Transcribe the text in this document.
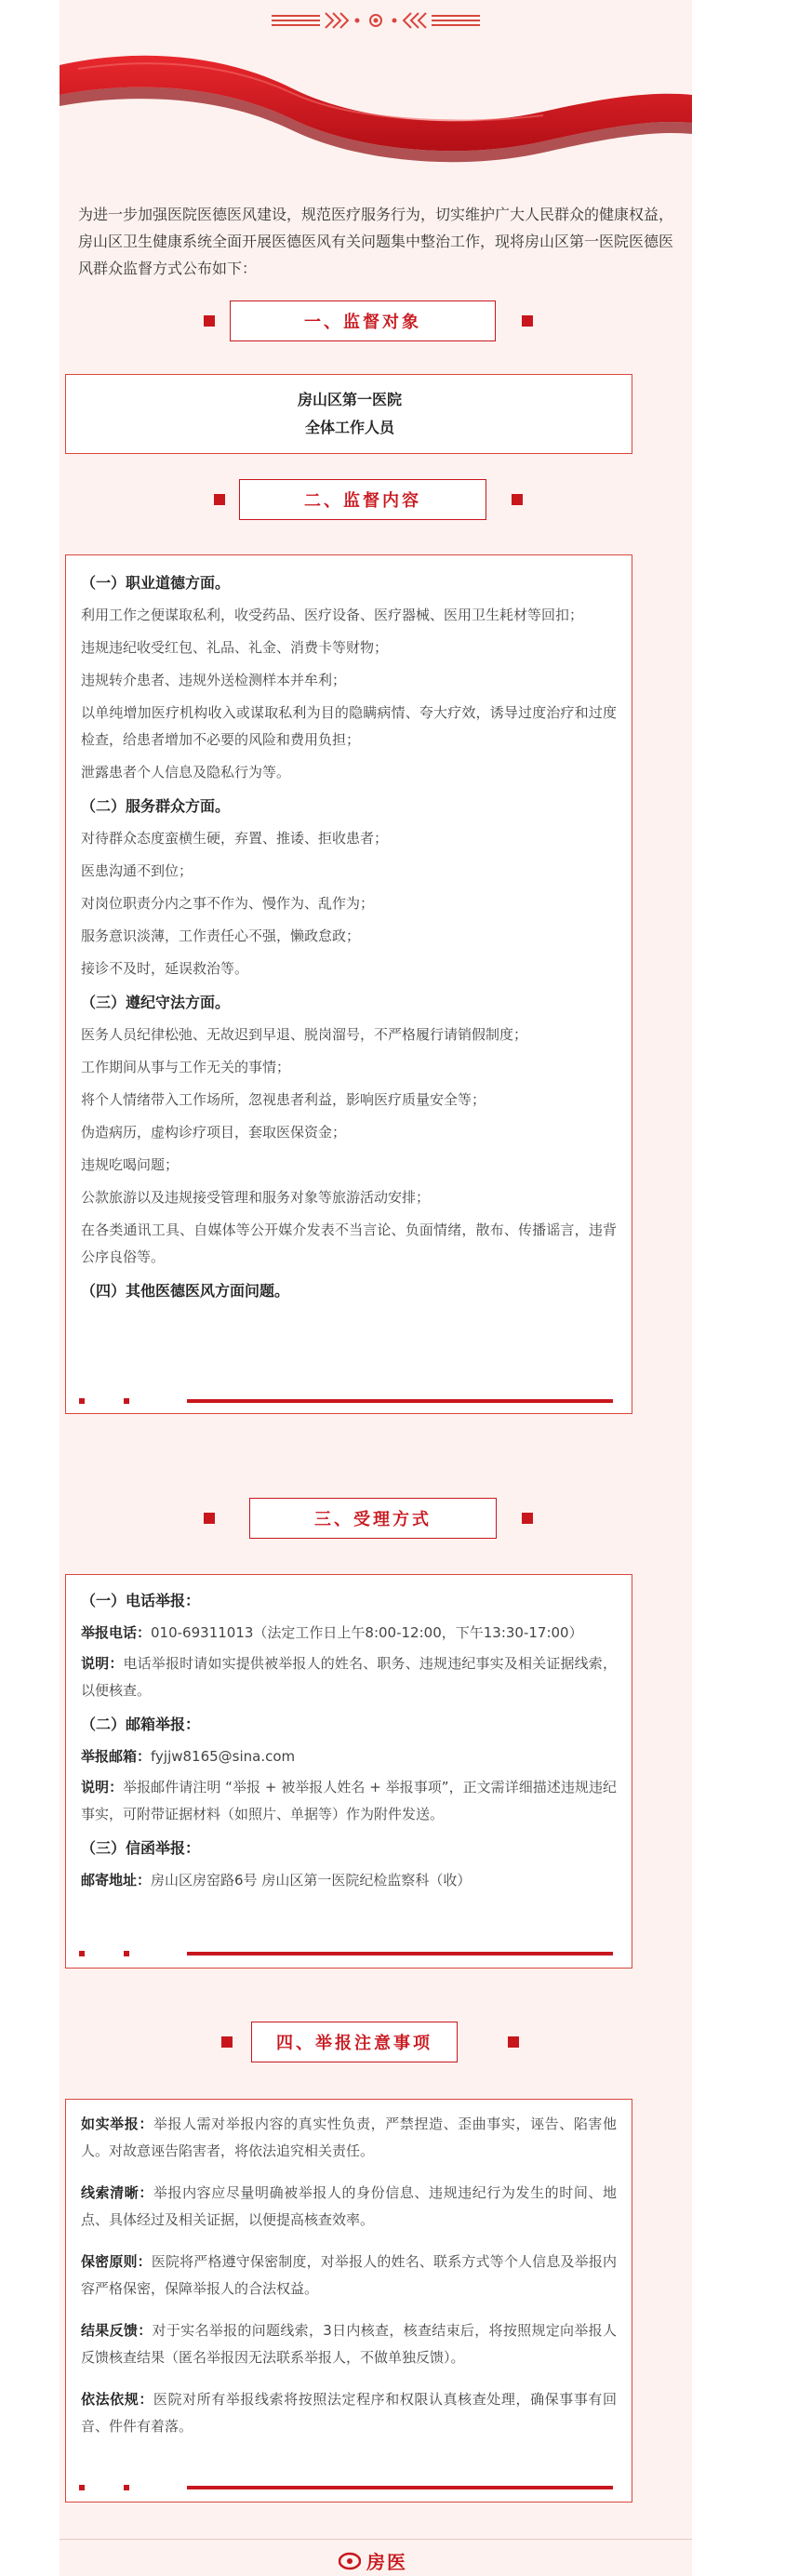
为进一步加强医院医德医风建设，规范医疗服务行为，切实维护广大人民群众的健康权益，房山区卫生健康系统全面开展医德医风有关问题集中整治工作，现将房山区第一医院医德医风群众监督方式公布如下：
一、监督对象
房山区第一医院
全体工作人员
二、监督内容
（一）职业道德方面。
利用工作之便谋取私利，收受药品、医疗设备、医疗器械、医用卫生耗材等回扣；
违规违纪收受红包、礼品、礼金、消费卡等财物；
违规转介患者、违规外送检测样本并牟利；
以单纯增加医疗机构收入或谋取私利为目的隐瞒病情、夸大疗效，诱导过度治疗和过度检查，给患者增加不必要的风险和费用负担；
泄露患者个人信息及隐私行为等。
（二）服务群众方面。
对待群众态度蛮横生硬，弃置、推诿、拒收患者；
医患沟通不到位；
对岗位职责分内之事不作为、慢作为、乱作为；
服务意识淡薄，工作责任心不强，懒政怠政；
接诊不及时，延误救治等。
（三）遵纪守法方面。
医务人员纪律松弛、无故迟到早退、脱岗溜号，不严格履行请销假制度；
工作期间从事与工作无关的事情；
将个人情绪带入工作场所，忽视患者利益，影响医疗质量安全等；
伪造病历，虚构诊疗项目，套取医保资金；
违规吃喝问题；
公款旅游以及违规接受管理和服务对象等旅游活动安排；
在各类通讯工具、自媒体等公开媒介发表不当言论、负面情绪，散布、传播谣言，违背公序良俗等。
（四）其他医德医风方面问题。
三、受理方式
（一）电话举报：
举报电话：010-69311013（法定工作日上午8:00-12:00，下午13:30-17:00）
说明：电话举报时请如实提供被举报人的姓名、职务、违规违纪事实及相关证据线索，以便核查。
（二）邮箱举报：
举报邮箱：fyjjw8165@sina.com
说明：举报邮件请注明 “举报 + 被举报人姓名 + 举报事项”，正文需详细描述违规违纪事实，可附带证据材料（如照片、单据等）作为附件发送。
（三）信函举报：
邮寄地址：房山区房窑路6号 房山区第一医院纪检监察科（收）
四、举报注意事项
如实举报：举报人需对举报内容的真实性负责，严禁捏造、歪曲事实，诬告、陷害他人。对故意诬告陷害者，将依法追究相关责任。
线索清晰：举报内容应尽量明确被举报人的身份信息、违规违纪行为发生的时间、地点、具体经过及相关证据，以便提高核查效率。
保密原则：医院将严格遵守保密制度，对举报人的姓名、联系方式等个人信息及举报内容严格保密，保障举报人的合法权益。
结果反馈：对于实名举报的问题线索，3日内核查，核查结束后，将按照规定向举报人反馈核查结果（匿名举报因无法联系举报人，不做单独反馈）。
依法依规：医院对所有举报线索将按照法定程序和权限认真核查处理，确保事事有回音、件件有着落。
房医
